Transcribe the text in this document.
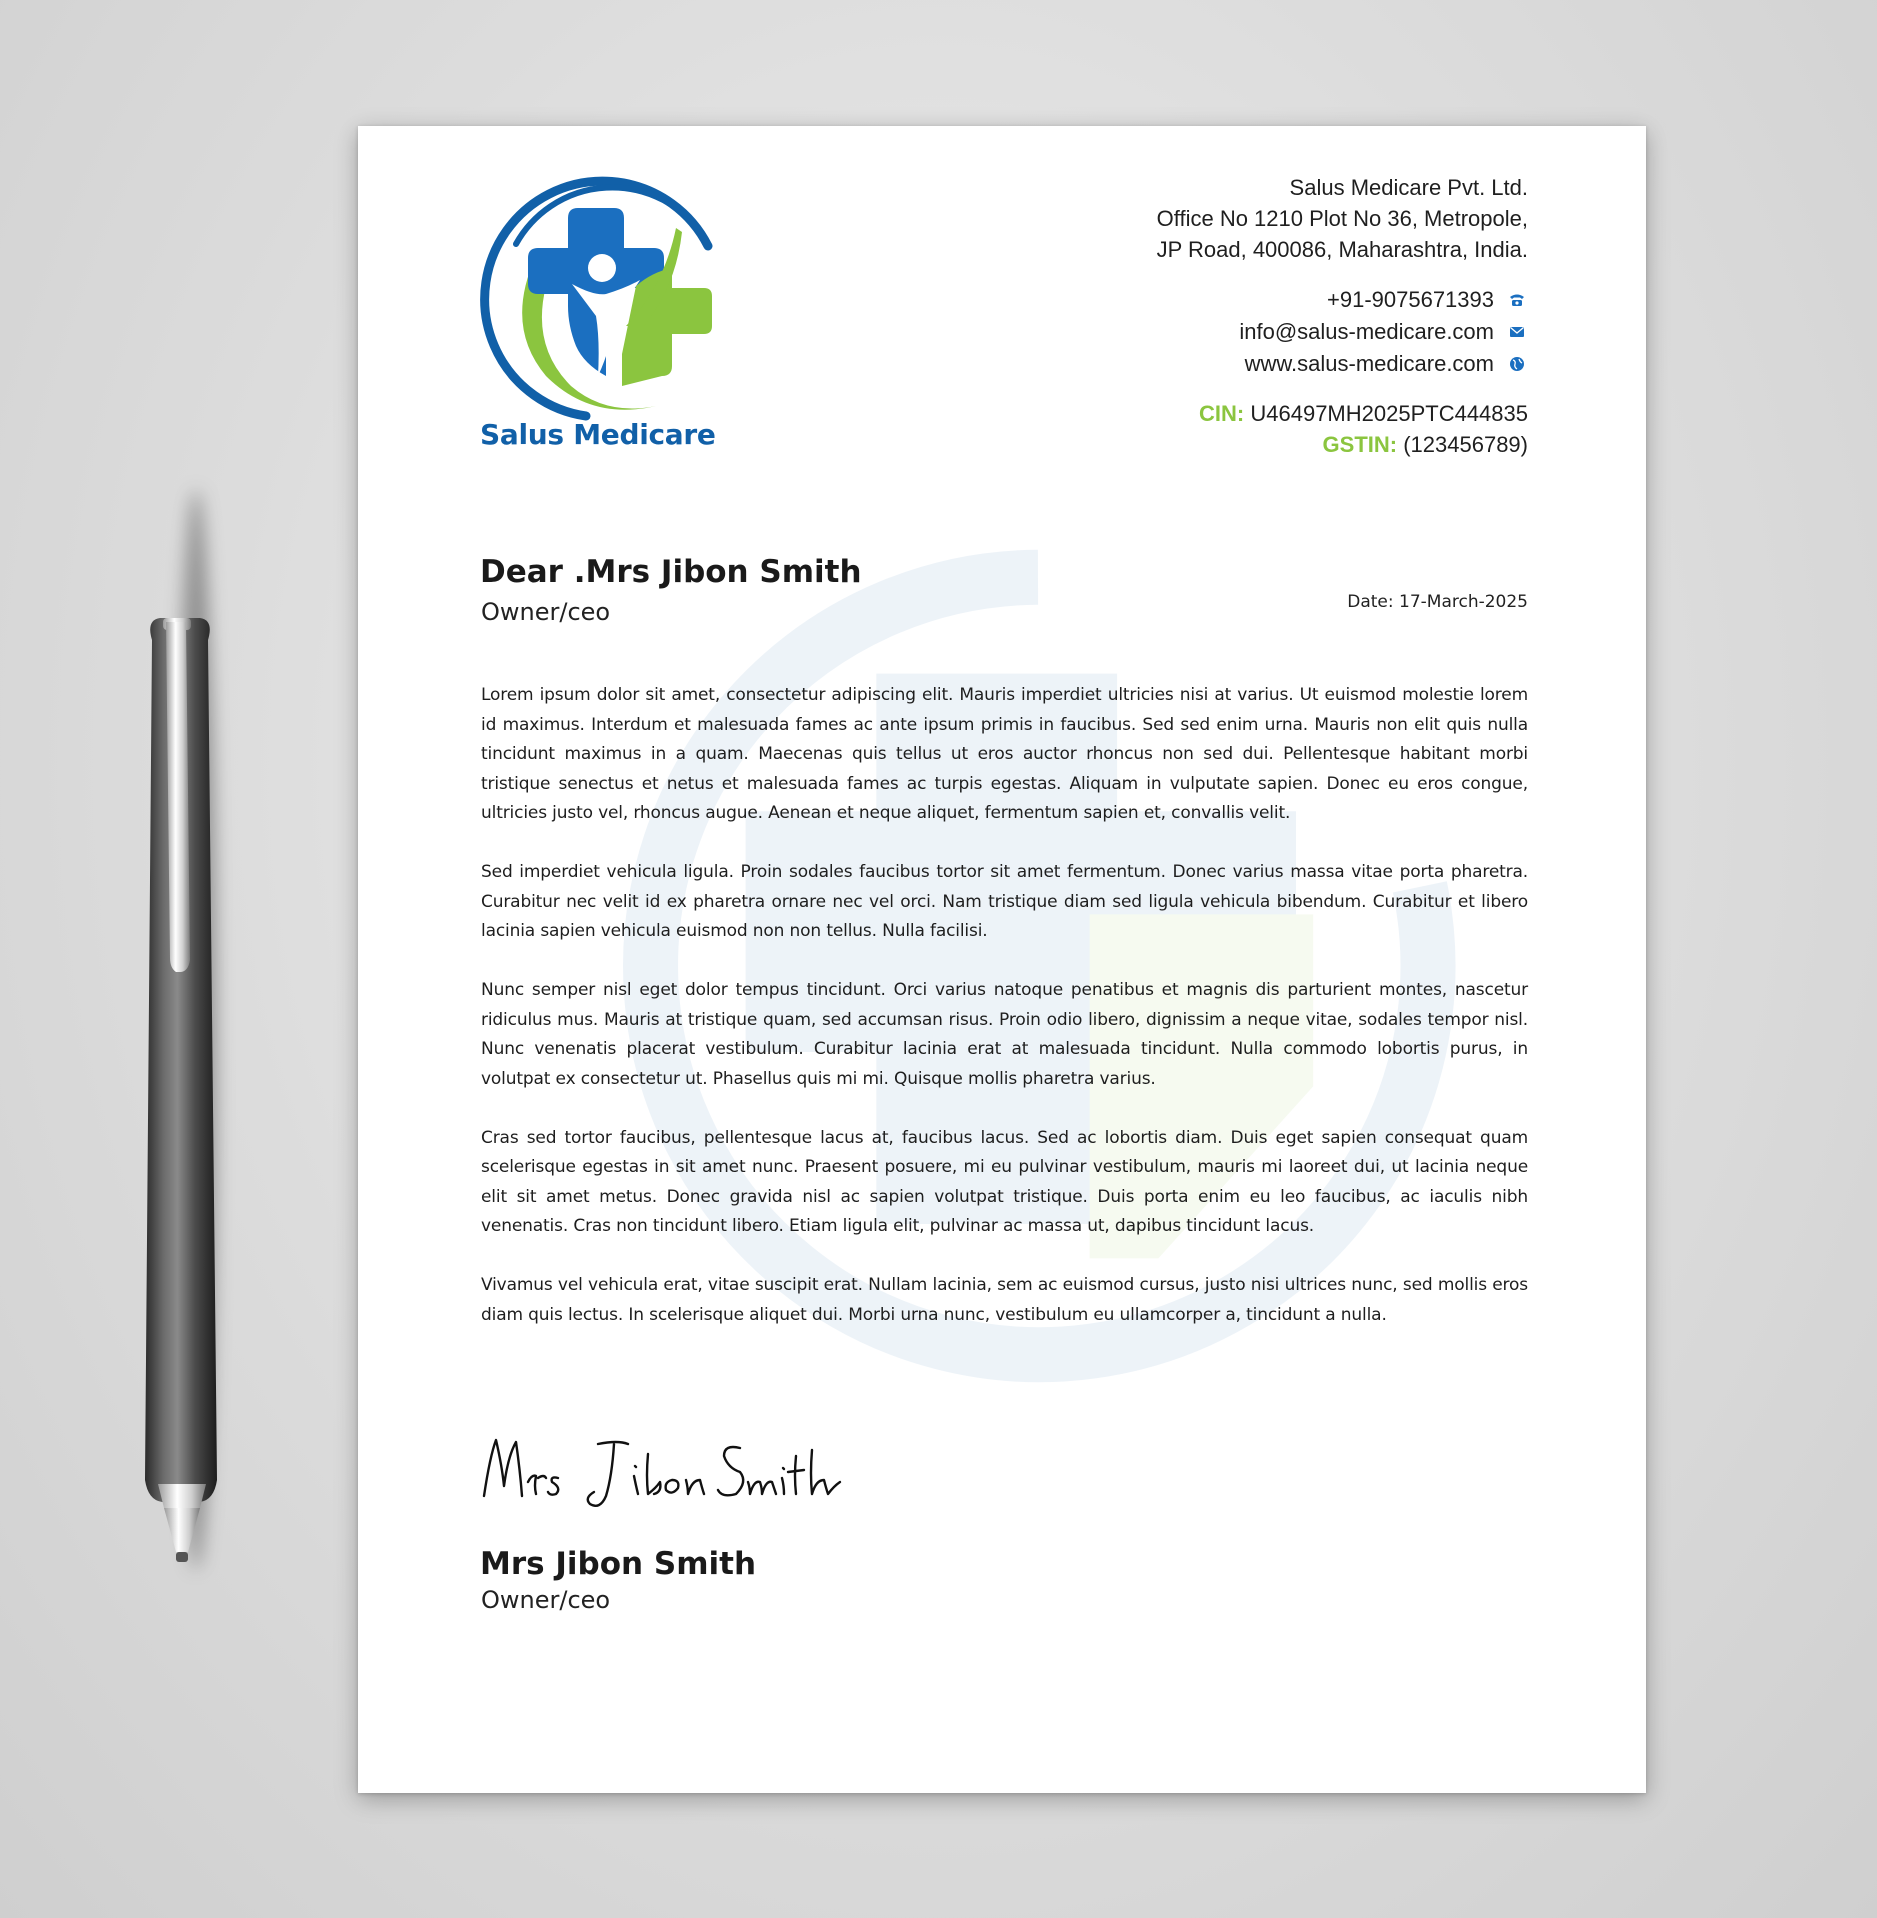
Salus Medicare
Salus Medicare Pvt. Ltd.
Office No 1210 Plot No 36, Metropole,
JP Road, 400086, Maharashtra, India.
+91-9075671393
info@salus-medicare.com
www.salus-medicare.com
CIN: U46497MH2025PTC444835
GSTIN: (123456789)
Dear .Mrs Jibon Smith
Owner/ceo	Date: 17-March-2025

Lorem ipsum dolor sit amet, consectetur adipiscing elit. Mauris imperdiet ultricies nisi at varius. Ut euismod molestie lorem id maximus. Interdum et malesuada fames ac ante ipsum primis in faucibus. Sed sed enim urna. Mauris non elit quis nulla tincidunt maximus in a quam. Maecenas quis tellus ut eros auctor rhoncus non sed dui. Pellentesque habitant morbi tristique senectus et netus et malesuada fames ac turpis egestas. Aliquam in vulputate sapien. Donec eu eros congue, ultricies justo vel, rhoncus augue. Aenean et neque aliquet, fermentum sapien et, convallis velit.

Sed imperdiet vehicula ligula. Proin sodales faucibus tortor sit amet fermentum. Donec varius massa vitae porta pharetra. Curabitur nec velit id ex pharetra ornare nec vel orci. Nam tristique diam sed ligula vehicula bibendum. Curabitur et libero lacinia sapien vehicula euismod non non tellus. Nulla facilisi.

Nunc semper nisl eget dolor tempus tincidunt. Orci varius natoque penatibus et magnis dis parturient montes, nascetur ridiculus mus. Mauris at tristique quam, sed accumsan risus. Proin odio libero, dignissim a neque vitae, sodales tempor nisl. Nunc venenatis placerat vestibulum. Curabitur lacinia erat at malesuada tincidunt. Nulla commodo lobortis purus, in volutpat ex consectetur ut. Phasellus quis mi mi. Quisque mollis pharetra varius.

Cras sed tortor faucibus, pellentesque lacus at, faucibus lacus. Sed ac lobortis diam. Duis eget sapien consequat quam scelerisque egestas in sit amet nunc. Praesent posuere, mi eu pulvinar vestibulum, mauris mi laoreet dui, ut lacinia neque elit sit amet metus. Donec gravida nisl ac sapien volutpat tristique. Duis porta enim eu leo faucibus, ac iaculis nibh venenatis. Cras non tincidunt libero. Etiam ligula elit, pulvinar ac massa ut, dapibus tincidunt lacus.

Vivamus vel vehicula erat, vitae suscipit erat. Nullam lacinia, sem ac euismod cursus, justo nisi ultrices nunc, sed mollis eros diam quis lectus. In scelerisque aliquet dui. Morbi urna nunc, vestibulum eu ullamcorper a, tincidunt a nulla.

Mrs Jibon Smith
Owner/ceo
